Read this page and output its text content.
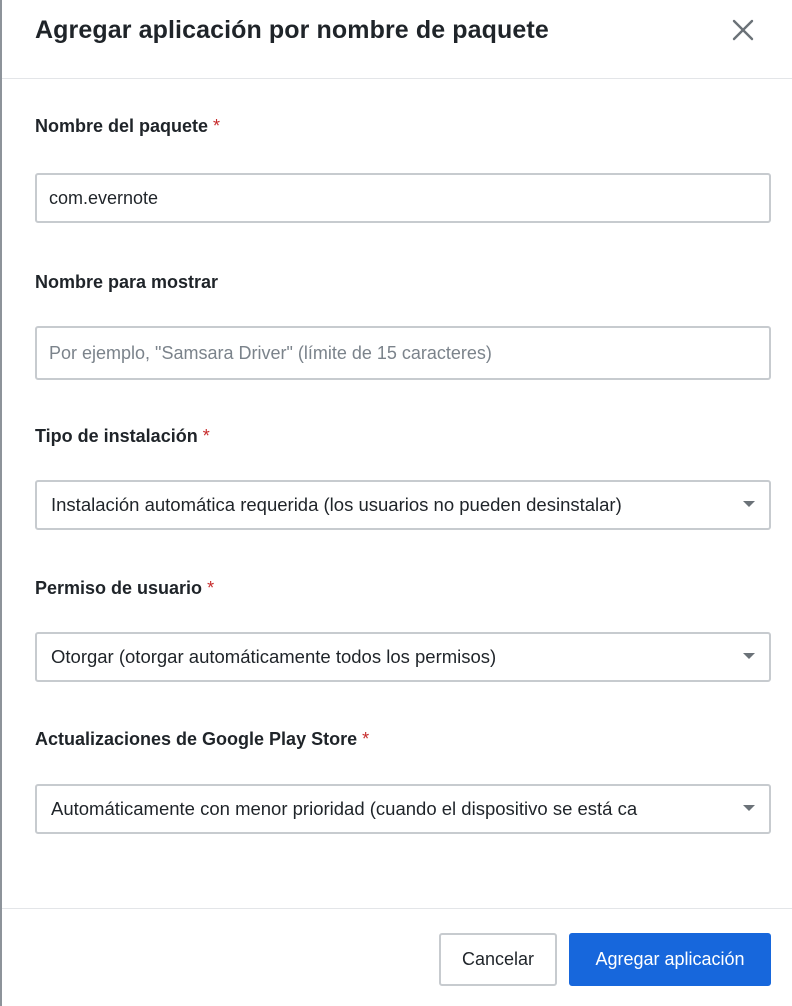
Agregar aplicación por nombre de paquete
Nombre del paquete *
com.evernote
Nombre para mostrar
Por ejemplo, "Samsara Driver" (límite de 15 caracteres)
Tipo de instalación *
Instalación automática requerida (los usuarios no pueden desinstalar)
Permiso de usuario *
Otorgar (otorgar automáticamente todos los permisos)
Actualizaciones de Google Play Store *
Automáticamente con menor prioridad (cuando el dispositivo se está ca
Cancelar	Agregar aplicación
